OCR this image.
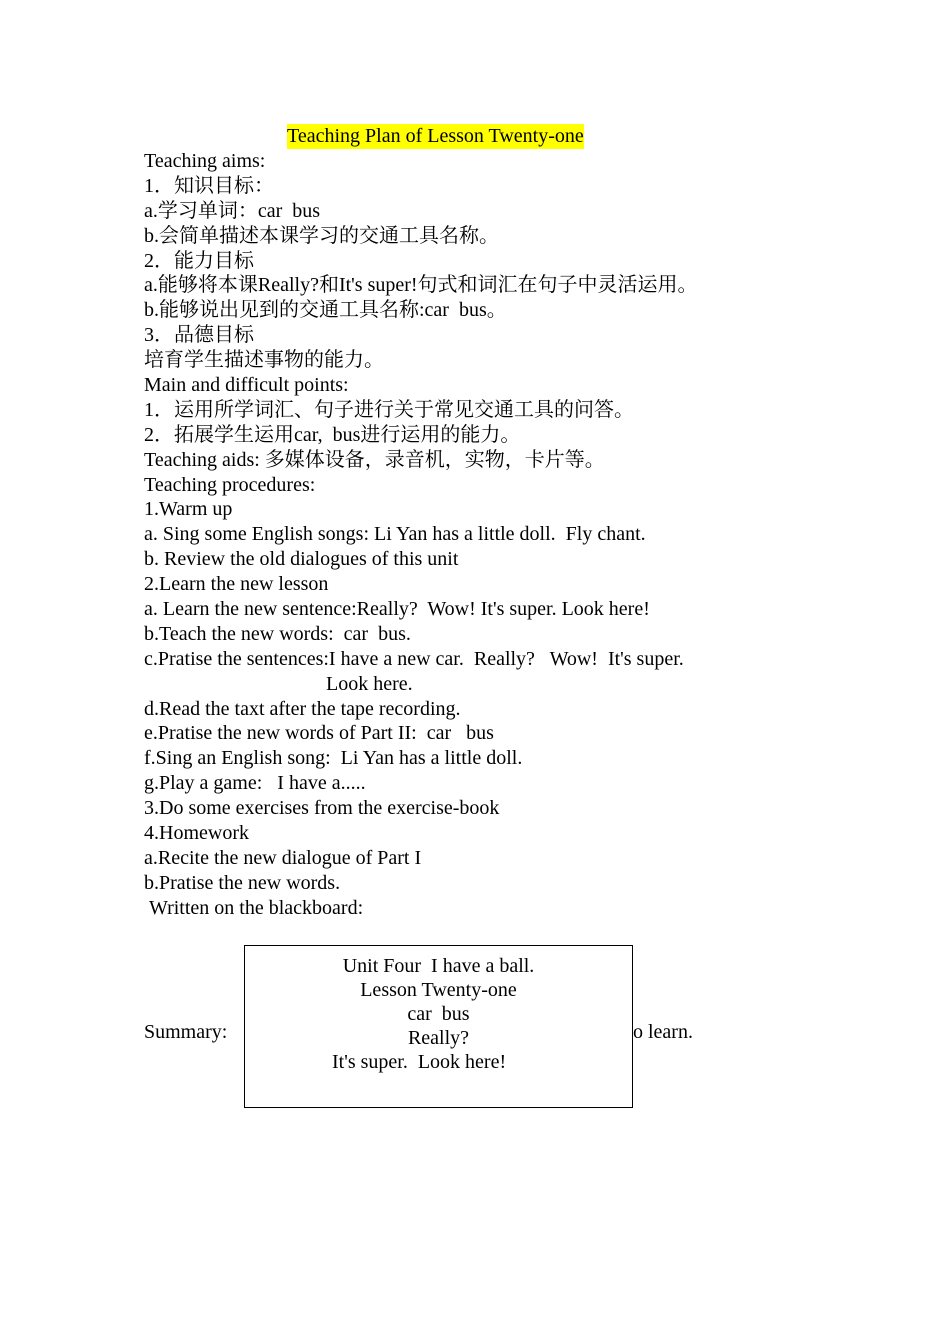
Teaching Plan of Lesson Twenty-one
Teaching aims:
1．知识目标：
a.学习单词：car  bus
b.会简单描述本课学习的交通工具名称。
2．能力目标
a.能够将本课Really?和It's super!句式和词汇在句子中灵活运用。
b.能够说出见到的交通工具名称:car  bus。
3．品德目标
培育学生描述事物的能力。
Main and difficult points:
1．运用所学词汇、句子进行关于常见交通工具的问答。
2．拓展学生运用car,  bus进行运用的能力。
Teaching aids: 多媒体设备，录音机，实物，卡片等。
Teaching procedures:
1.Warm up
a. Sing some English songs: Li Yan has a little doll.  Fly chant.
b. Review the old dialogues of this unit
2.Learn the new lesson
a. Learn the new sentence:Really?  Wow! It's super. Look here!
b.Teach the new words:  car  bus.
c.Pratise the sentences:I have a new car.  Really?   Wow!  It's super.
Look here.
d.Read the taxt after the tape recording.
e.Pratise the new words of Part II:  car   bus
f.Sing an English song:  Li Yan has a little doll.
g.Play a game:   I have a.....
3.Do some exercises from the exercise-book
4.Homework
a.Recite the new dialogue of Part I
b.Pratise the new words.
Written on the blackboard:
Summary:	o learn.
Unit Four  I have a ball.
Lesson Twenty-one
car  bus
Really?
It's super.  Look here!
